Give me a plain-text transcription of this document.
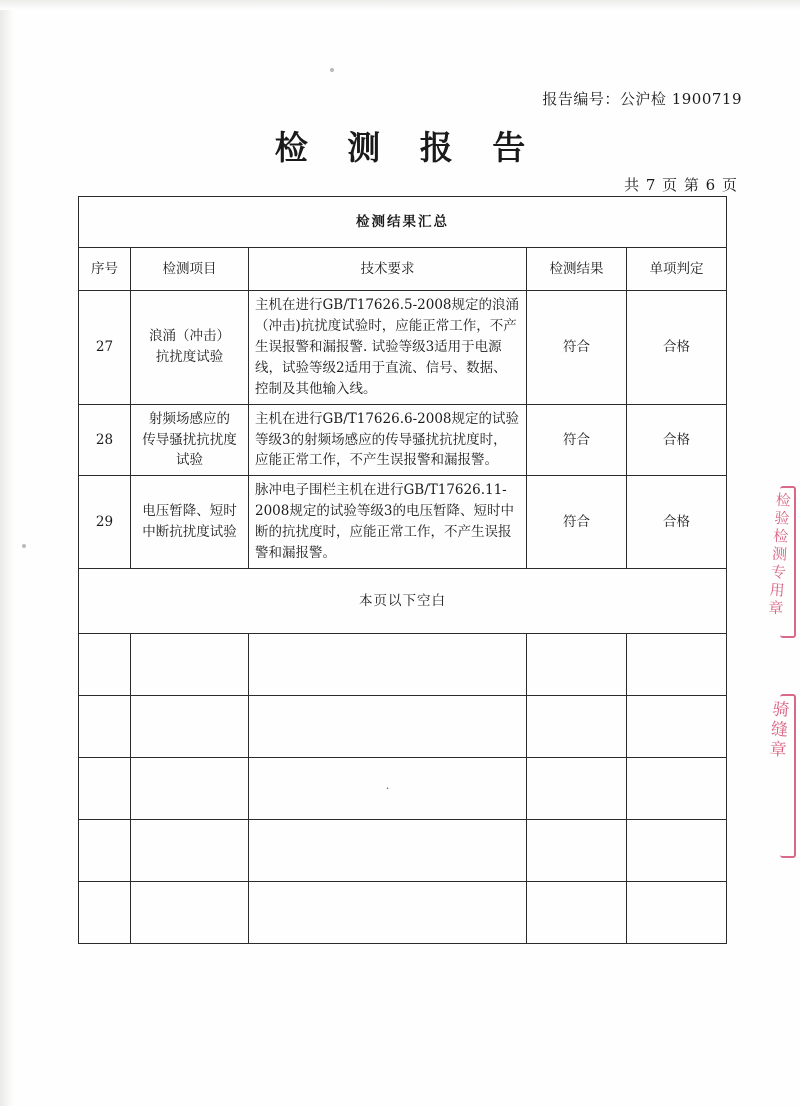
报告编号：公沪检 1900719
检 测 报 告
共 7 页 第 6 页
检测结果汇总				
序号	检测项目	技术要求	检测结果	单项判定
27	浪涌（冲击）
抗扰度试验	主机在进行GB/T17626.5-2008规定的浪涌（冲击)抗扰度试验时，应能正常工作，不产生误报警和漏报警. 试验等级3适用于电源线，试验等级2适用于直流、信号、数据、控制及其他输入线。	符合	合格
28	射频场感应的
传导骚扰抗扰度
试验	主机在进行GB/T17626.6-2008规定的试验等级3的射频场感应的传导骚扰抗扰度时，应能正常工作，不产生误报警和漏报警。	符合	合格
29	电压暂降、短时
中断抗扰度试验	脉冲电子围栏主机在进行GB/T17626.11-2008规定的试验等级3的电压暂降、短时中断的抗扰度时，应能正常工作，不产生误报警和漏报警。	符合	合格
本页以下空白				

		·		

检验检测专用章
骑缝章
